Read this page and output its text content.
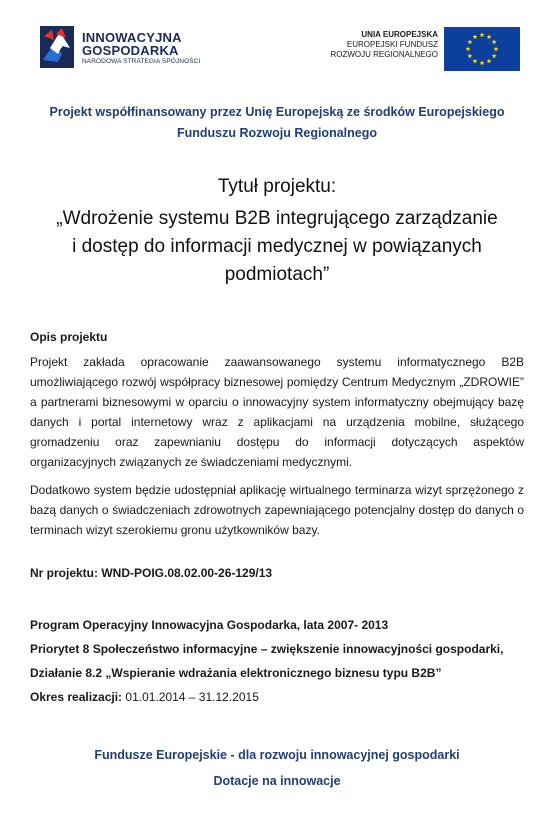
INNOWACYJNA
GOSPODARKA
NARODOWA STRATEGIA SPÓJNOŚCI
UNIA EUROPEJSKA
EUROPEJSKI FUNDUSZ
ROZWOJU REGIONALNEGO
Projekt współfinansowany przez Unię Europejską ze środków Europejskiego
Funduszu Rozwoju Regionalnego
Tytuł projektu:
„Wdrożenie systemu B2B integrującego zarządzanie
i dostęp do informacji medycznej w powiązanych
podmiotach”
Opis projektu

Projekt zakłada opracowanie zaawansowanego systemu informatycznego B2B umożliwiającego rozwój współpracy biznesowej pomiędzy Centrum Medycznym „ZDROWIE” a partnerami biznesowymi w oparciu o innowacyjny system informatyczny obejmujący bazę danych i portal internetowy wraz z aplikacjami na urządzenia mobilne, służącego gromadzeniu oraz zapewnianiu dostępu do informacji dotyczących aspektów organizacyjnych związanych ze świadczeniami medycznymi.

Dodatkowo system będzie udostępniał aplikację wirtualnego terminarza wizyt sprzężonego z bazą danych o świadczeniach zdrowotnych zapewniającego potencjalny dostęp do danych o terminach wizyt szerokiemu gronu użytkowników bazy.

Nr projektu: WND-POIG.08.02.00-26-129/13
Program Operacyjny Innowacyjna Gospodarka, lata 2007- 2013
Priorytet 8 Społeczeństwo informacyjne – zwiększenie innowacyjności gospodarki,
Działanie 8.2 „Wspieranie wdrażania elektronicznego biznesu typu B2B”
Okres realizacji: 01.01.2014 – 31.12.2015
Fundusze Europejskie - dla rozwoju innowacyjnej gospodarki
Dotacje na innowacje
